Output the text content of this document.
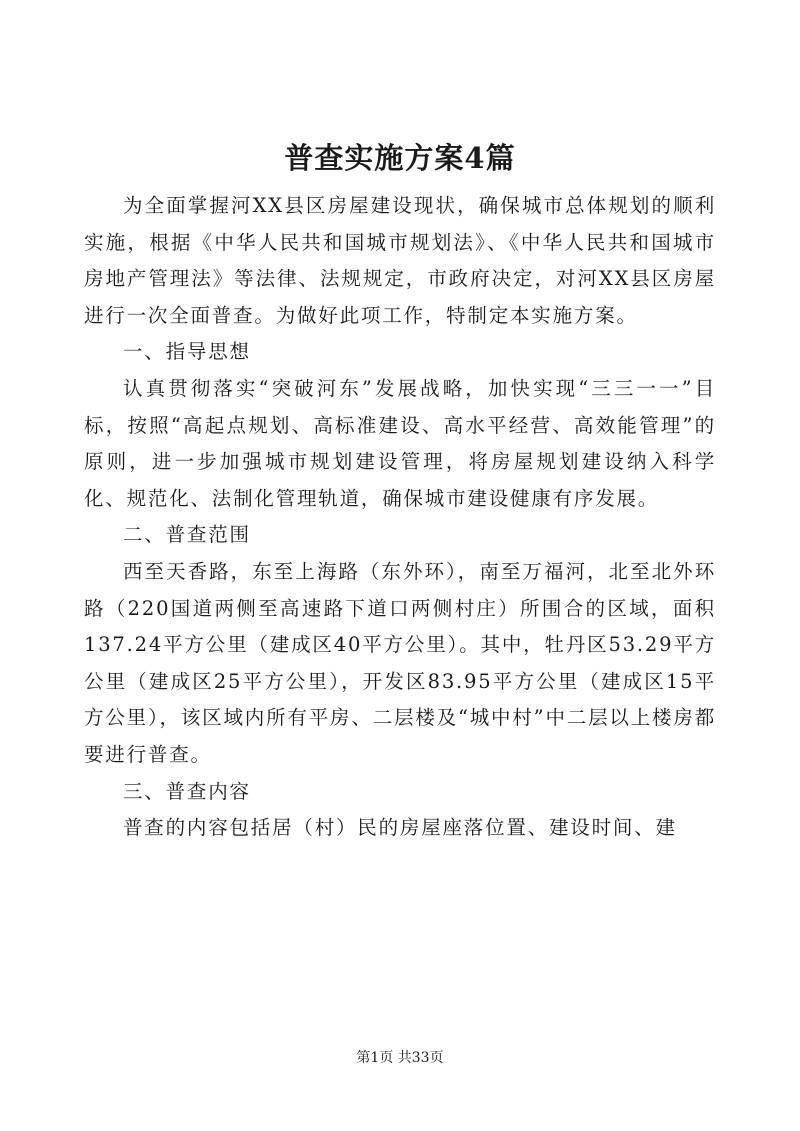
普查实施方案4篇

为全面掌握河XX县区房屋建设现状，确保城市总体规划的顺利实施，根据《中华人民共和国城市规划法》、《中华人民共和国城市房地产管理法》等法律、法规规定，市政府决定，对河XX县区房屋进行一次全面普查。为做好此项工作，特制定本实施方案。

一、指导思想

认真贯彻落实“突破河东”发展战略，加快实现“三三一一”目标，按照“高起点规划、高标准建设、高水平经营、高效能管理”的原则，进一步加强城市规划建设管理，将房屋规划建设纳入科学化、规范化、法制化管理轨道，确保城市建设健康有序发展。

二、普查范围

西至天香路，东至上海路（东外环），南至万福河，北至北外环路（220国道两侧至高速路下道口两侧村庄）所围合的区域，面积137.24平方公里（建成区40平方公里）。其中，牡丹区53.29平方公里（建成区25平方公里），开发区83.95平方公里（建成区15平方公里），该区域内所有平房、二层楼及“城中村”中二层以上楼房都要进行普查。

三、普查内容

普查的内容包括居（村）民的房屋座落位置、建设时间、建

第1页 共33页
